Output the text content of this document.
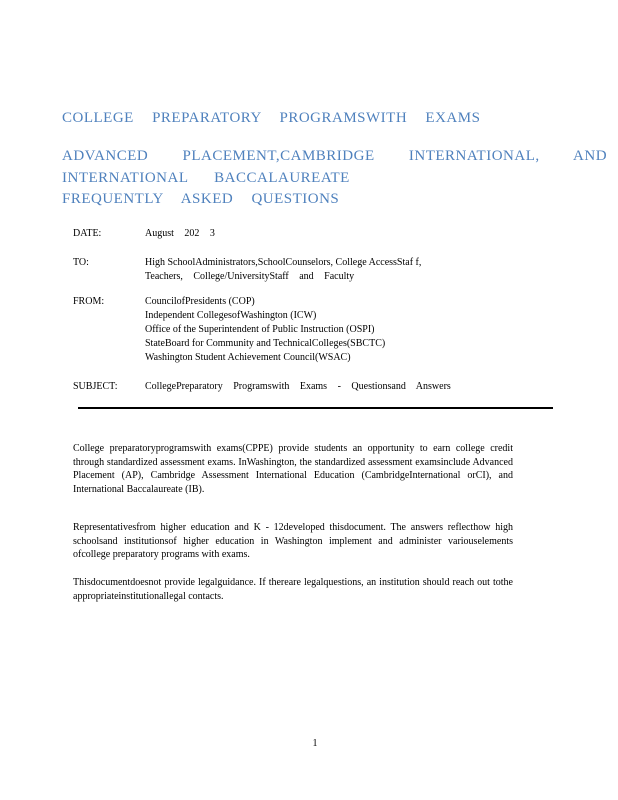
COLLEGE PREPARATORY PROGRAMSWITH EXAMS
ADVANCED PLACEMENT,CAMBRIDGE INTERNATIONAL, AND
INTERNATIONAL BACCALAUREATE
FREQUENTLY ASKED QUESTIONS
DATE:	August 202 3
TO:	High SchoolAdministrators,SchoolCounselors, College AccessStaf f,
Teachers, College/UniversityStaff and Faculty
FROM:	CouncilofPresidents (COP)
Independent CollegesofWashington (ICW)
Office of the Superintendent of Public Instruction (OSPI)
StateBoard for Community and TechnicalColleges(SBCTC)
Washington Student Achievement Council(WSAC)
SUBJECT:	CollegePreparatory Programswith Exams - Questionsand Answers

College preparatoryprogramswith exams(CPPE) provide students an opportunity to earn college credit through standardized assessment exams. InWashington, the standardized assessment examsinclude Advanced Placement (AP), Cambridge Assessment International Education (CambridgeInternational orCI), and International Baccalaureate (IB).

Representativesfrom higher education and K - 12developed thisdocument. The answers reflecthow high schoolsand institutionsof higher education in Washington implement and administer variouselements ofcollege preparatory programs with exams.

Thisdocumentdoesnot provide legalguidance. If thereare legalquestions, an institution should reach out tothe appropriateinstitutionallegal contacts.

1
